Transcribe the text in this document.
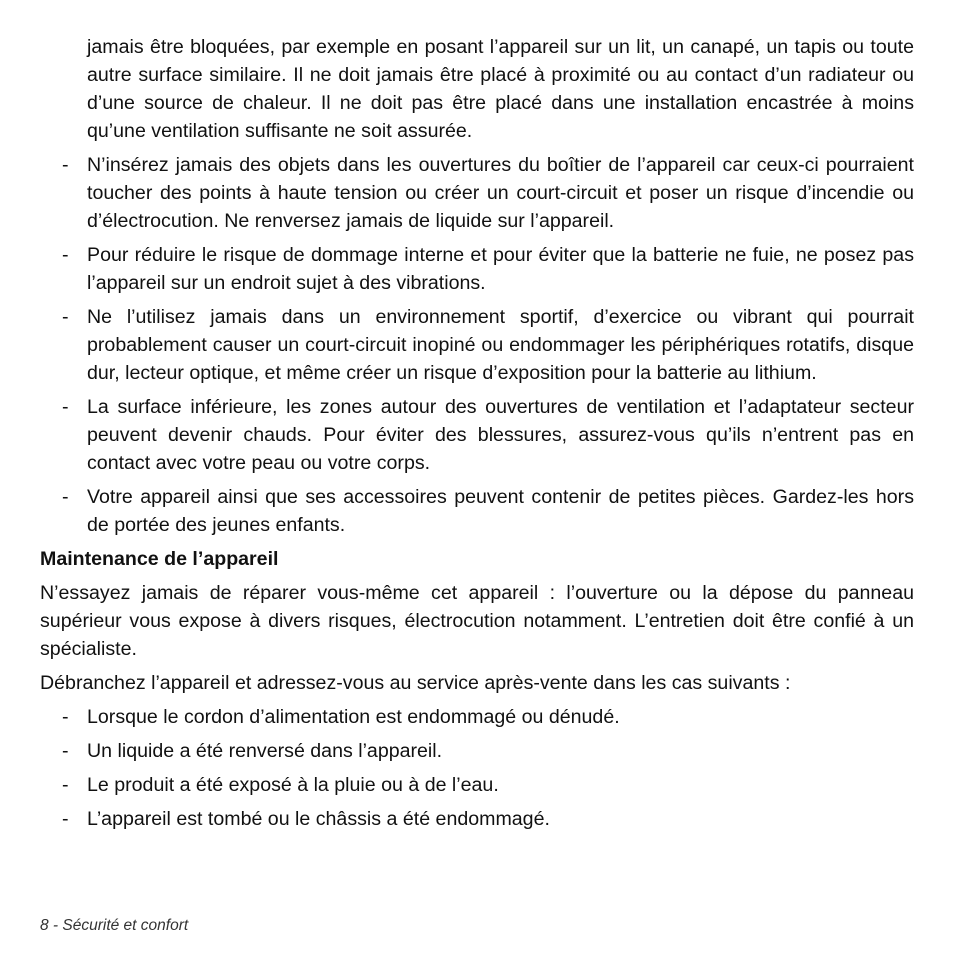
jamais être bloquées, par exemple en posant l’appareil sur un lit, un canapé, un tapis ou toute autre surface similaire. Il ne doit jamais être placé à proximité ou au contact d’un radiateur ou d’une source de chaleur. Il ne doit pas être placé dans une installation encastrée à moins qu’une ventilation suffisante ne soit assurée.
- N’insérez jamais des objets dans les ouvertures du boîtier de l’appareil car ceux-ci pourraient toucher des points à haute tension ou créer un court-circuit et poser un risque d’incendie ou d’électrocution. Ne renversez jamais de liquide sur l’appareil.
- Pour réduire le risque de dommage interne et pour éviter que la batterie ne fuie, ne posez pas l’appareil sur un endroit sujet à des vibrations.
- Ne l’utilisez jamais dans un environnement sportif, d’exercice ou vibrant qui pourrait probablement causer un court-circuit inopiné ou endommager les périphériques rotatifs, disque dur, lecteur optique, et même créer un risque d’exposition pour la batterie au lithium.
- La surface inférieure, les zones autour des ouvertures de ventilation et l’adaptateur secteur peuvent devenir chauds. Pour éviter des blessures, assurez-vous qu’ils n’entrent pas en contact avec votre peau ou votre corps.
- Votre appareil ainsi que ses accessoires peuvent contenir de petites pièces. Gardez-les hors de portée des jeunes enfants.
Maintenance de l’appareil

N’essayez jamais de réparer vous-même cet appareil : l’ouverture ou la dépose du panneau supérieur vous expose à divers risques, électrocution notamment. L’entretien doit être confié à un spécialiste.

Débranchez l’appareil et adressez-vous au service après-vente dans les cas suivants :

- Lorsque le cordon d’alimentation est endommagé ou dénudé.
- Un liquide a été renversé dans l’appareil.
- Le produit a été exposé à la pluie ou à de l’eau.
- L’appareil est tombé ou le châssis a été endommagé.
8 - Sécurité et confort
